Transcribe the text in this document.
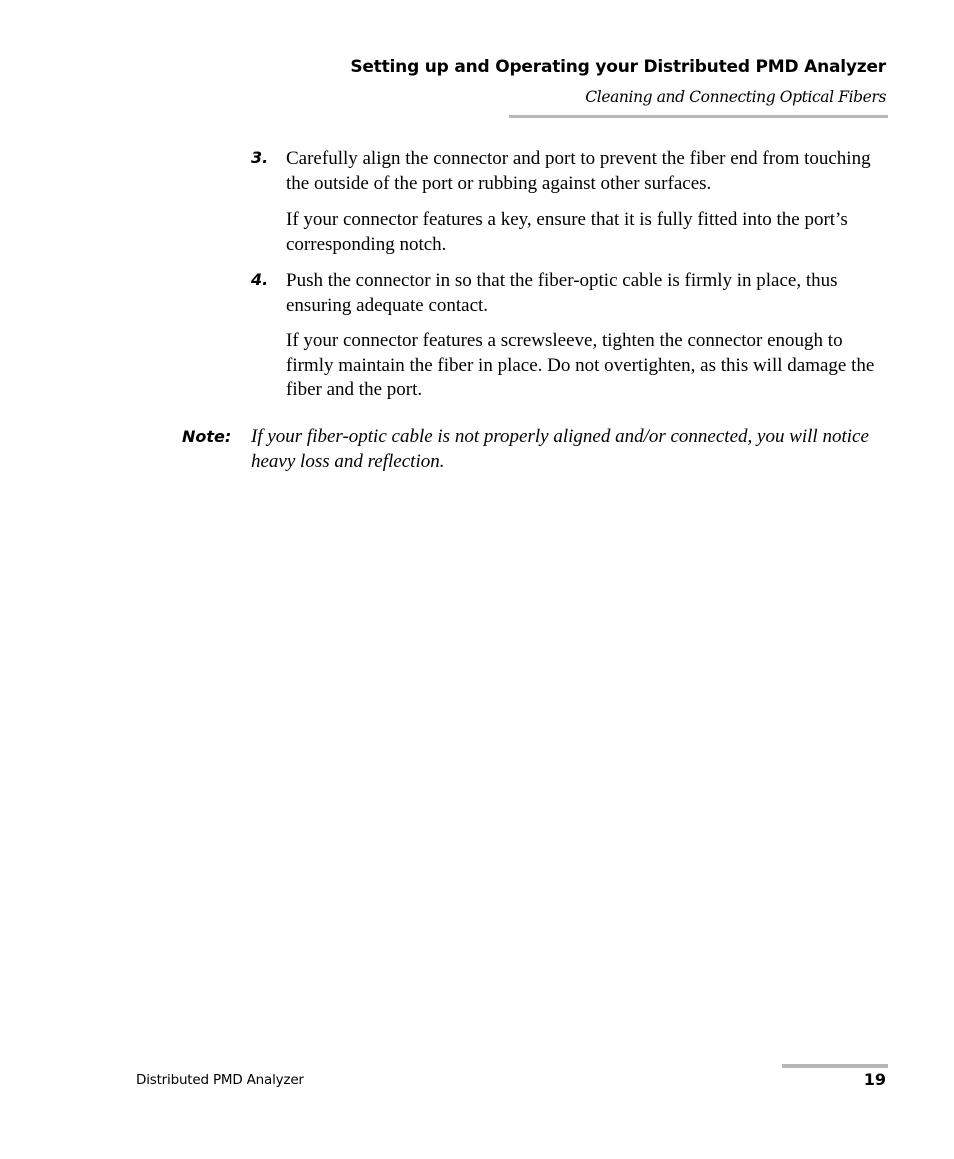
Setting up and Operating your Distributed PMD Analyzer
Cleaning and Connecting Optical Fibers
3. Carefully align the connector and port to prevent the fiber end from touching the outside of the port or rubbing against other surfaces.

If your connector features a key, ensure that it is fully fitted into the port’s corresponding notch.

4. Push the connector in so that the fiber-optic cable is firmly in place, thus ensuring adequate contact.

If your connector features a screwsleeve, tighten the connector enough to firmly maintain the fiber in place. Do not overtighten, as this will damage the fiber and the port.

Note: If your fiber-optic cable is not properly aligned and/or connected, you will notice heavy loss and reflection.

Distributed PMD Analyzer	19
